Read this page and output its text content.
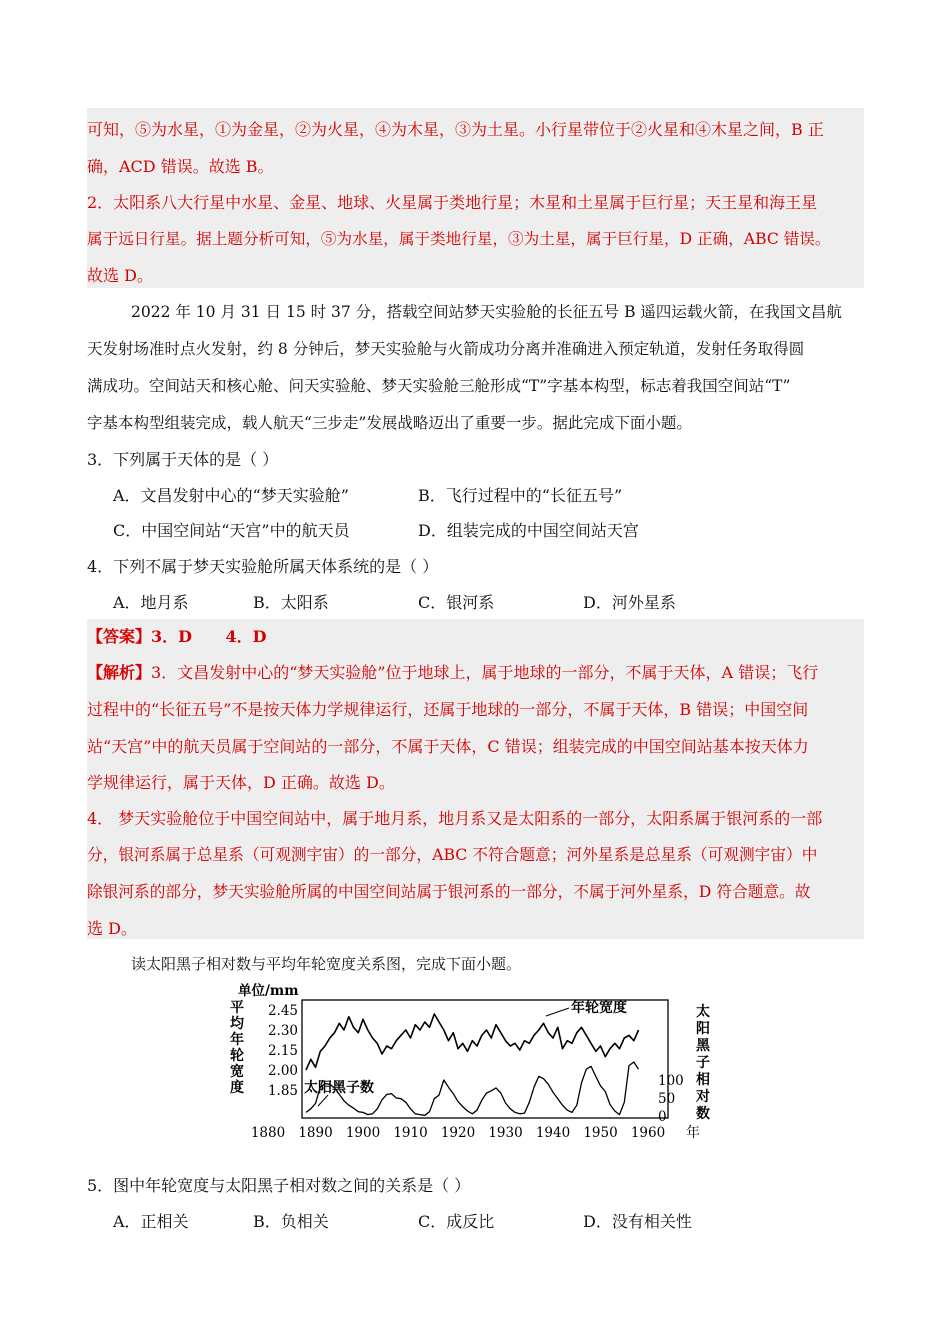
可知，⑤为水星，①为金星，②为火星，④为木星，③为土星。小行星带位于②火星和④木星之间，B 正
确，ACD 错误。故选 B。
2．太阳系八大行星中水星、金星、地球、火星属于类地行星；木星和土星属于巨行星；天王星和海王星
属于远日行星。据上题分析可知，⑤为水星，属于类地行星，③为土星，属于巨行星，D 正确，ABC 错误。
故选 D。
2022 年 10 月 31 日 15 时 37 分，搭载空间站梦天实验舱的长征五号 B 遥四运载火箭，在我国文昌航
天发射场准时点火发射，约 8 分钟后，梦天实验舱与火箭成功分离并准确进入预定轨道，发射任务取得圆
满成功。空间站天和核心舱、问天实验舱、梦天实验舱三舱形成“T”字基本构型，标志着我国空间站“T”
字基本构型组装完成，载人航天“三步走”发展战略迈出了重要一步。据此完成下面小题。
3．下列属于天体的是（ ）
A．文昌发射中心的“梦天实验舱”	B．飞行过程中的“长征五号”
C．中国空间站“天宫”中的航天员	D．组装完成的中国空间站天宫
4．下列不属于梦天实验舱所属天体系统的是（ ）
A．地月系	B．太阳系	C．银河系	D．河外星系
【答案】3．D      4．D
【解析】3．文昌发射中心的“梦天实验舱”位于地球上，属于地球的一部分，不属于天体，A 错误；飞行
过程中的“长征五号”不是按天体力学规律运行，还属于地球的一部分，不属于天体，B 错误；中国空间
站“天宫”中的航天员属于空间站的一部分，不属于天体，C 错误；组装完成的中国空间站基本按天体力
学规律运行，属于天体，D 正确。故选 D。
4． 梦天实验舱位于中国空间站中，属于地月系，地月系又是太阳系的一部分，太阳系属于银河系的一部
分，银河系属于总星系（可观测宇宙）的一部分，ABC 不符合题意；河外星系是总星系（可观测宇宙）中
除银河系的部分，梦天实验舱所属的中国空间站属于银河系的一部分，不属于河外星系，D 符合题意。故
选 D。
读太阳黑子相对数与平均年轮宽度关系图，完成下面小题。
1880 1890 1900 1910 1920 1930 1940 1950 1960 年
单位/mm
平
均
年
轮
宽
度
2.45
2.30
2.15
2.00
1.85
太
阳
黑
子
相
对
数
100
50
0
年轮宽度
太阳黑子数
5．图中年轮宽度与太阳黑子相对数之间的关系是（ ）
A．正相关	B．负相关	C．成反比	D．没有相关性
